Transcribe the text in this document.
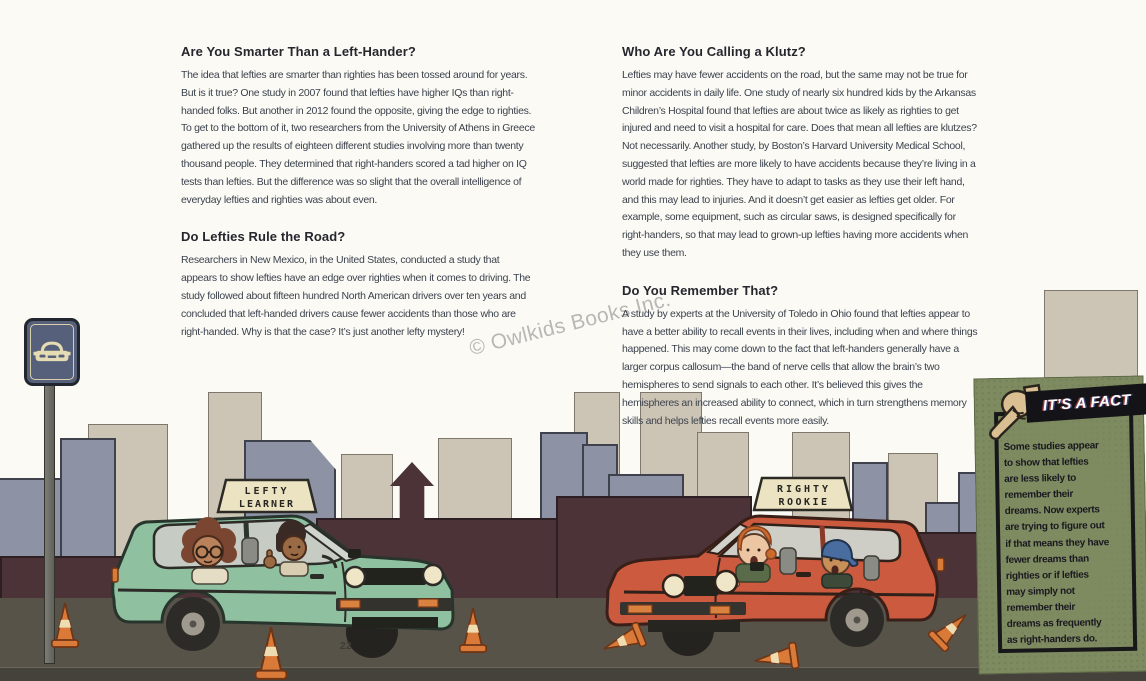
Are You Smarter Than a Left-Hander?

The idea that lefties are smarter than righties has been tossed around for years. But is it true? One study in 2007 found that lefties have higher IQs than right-handed folks. But another in 2012 found the opposite, giving the edge to righties. To get to the bottom of it, two researchers from the University of Athens in Greece gathered up the results of eighteen different studies involving more than twenty thousand people. They determined that right-handers scored a tad higher on IQ tests than lefties. But the difference was so slight that the overall intelligence of everyday lefties and righties was about even.

Do Lefties Rule the Road?

Researchers in New Mexico, in the United States, conducted a study that appears to show lefties have an edge over righties when it comes to driving. The study followed about fifteen hundred North American drivers over ten years and concluded that left-handed drivers cause fewer accidents than those who are right-handed. Why is that the case? It’s just another lefty mystery!

Who Are You Calling a Klutz?

Lefties may have fewer accidents on the road, but the same may not be true for minor accidents in daily life. One study of nearly six hundred kids by the Arkansas Children’s Hospital found that lefties are about twice as likely as righties to get injured and need to visit a hospital for care. Does that mean all lefties are klutzes? Not necessarily. Another study, by Boston’s Harvard University Medical School, suggested that lefties are more likely to have accidents because they’re living in a world made for righties. They have to adapt to tasks as they use their left hand, and this may lead to injuries. And it doesn’t get easier as lefties get older. For example, some equipment, such as circular saws, is designed specifically for right-handers, so that may lead to grown-up lefties having more accidents when they use them.

Do You Remember That?

A study by experts at the University of Toledo in Ohio found that lefties appear to have a better ability to recall events in their lives, including when and where things happened. This may come down to the fact that left-handers generally have a larger corpus callosum—the band of nerve cells that allow the brain’s two hemispheres to send signals to each other. It’s believed this gives the hemispheres an increased ability to connect, which in turn strengthens memory skills and helps lefties recall events more easily.

© Owlkids Books Inc.
LEFTY
LEARNER
RIGHTY
ROOKIE
22
IT’S A FACT
Some studies appear
to show that lefties
are less likely to
remember their
dreams. Now experts
are trying to figure out
if that means they have
fewer dreams than
righties or if lefties
may simply not
remember their
dreams as frequently
as right-handers do.
